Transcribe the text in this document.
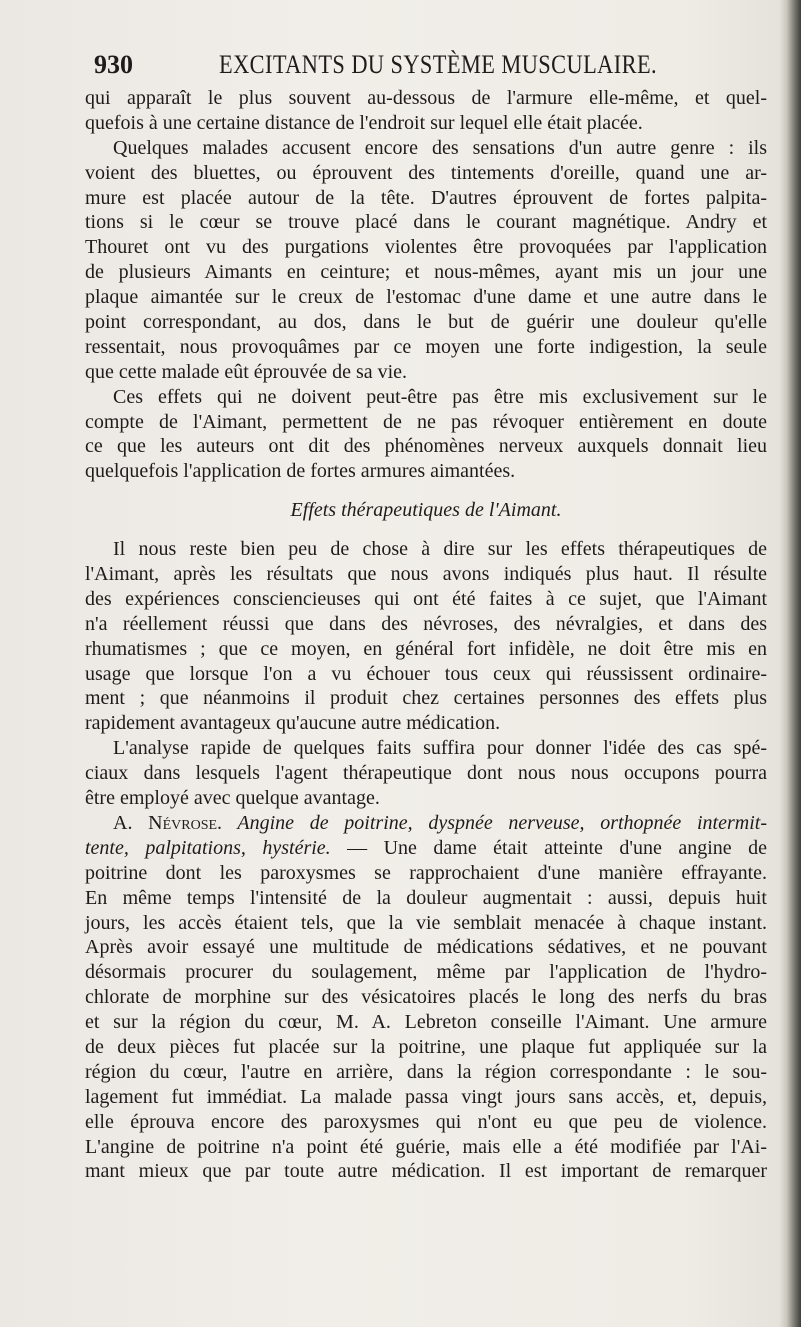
930	EXCITANTS DU SYSTÈME MUSCULAIRE.
qui apparaît le plus souvent au-dessous de l'armure elle-même, et quel-
quefois à une certaine distance de l'endroit sur lequel elle était placée.
Quelques malades accusent encore des sensations d'un autre genre : ils
voient des bluettes, ou éprouvent des tintements d'oreille, quand une ar-
mure est placée autour de la tête. D'autres éprouvent de fortes palpita-
tions si le cœur se trouve placé dans le courant magnétique. Andry et
Thouret ont vu des purgations violentes être provoquées par l'application
de plusieurs Aimants en ceinture; et nous-mêmes, ayant mis un jour une
plaque aimantée sur le creux de l'estomac d'une dame et une autre dans le
point correspondant, au dos, dans le but de guérir une douleur qu'elle
ressentait, nous provoquâmes par ce moyen une forte indigestion, la seule
que cette malade eût éprouvée de sa vie.
Ces effets qui ne doivent peut-être pas être mis exclusivement sur le
compte de l'Aimant, permettent de ne pas révoquer entièrement en doute
ce que les auteurs ont dit des phénomènes nerveux auxquels donnait lieu
quelquefois l'application de fortes armures aimantées.
Effets thérapeutiques de l'Aimant.
Il nous reste bien peu de chose à dire sur les effets thérapeutiques de
l'Aimant, après les résultats que nous avons indiqués plus haut. Il résulte
des expériences consciencieuses qui ont été faites à ce sujet, que l'Aimant
n'a réellement réussi que dans des névroses, des névralgies, et dans des
rhumatismes ; que ce moyen, en général fort infidèle, ne doit être mis en
usage que lorsque l'on a vu échouer tous ceux qui réussissent ordinaire-
ment ; que néanmoins il produit chez certaines personnes des effets plus
rapidement avantageux qu'aucune autre médication.
L'analyse rapide de quelques faits suffira pour donner l'idée des cas spé-
ciaux dans lesquels l'agent thérapeutique dont nous nous occupons pourra
être employé avec quelque avantage.
A. Névrose. Angine de poitrine, dyspnée nerveuse, orthopnée intermit-
tente, palpitations, hystérie. — Une dame était atteinte d'une angine de
poitrine dont les paroxysmes se rapprochaient d'une manière effrayante.
En même temps l'intensité de la douleur augmentait : aussi, depuis huit
jours, les accès étaient tels, que la vie semblait menacée à chaque instant.
Après avoir essayé une multitude de médications sédatives, et ne pouvant
désormais procurer du soulagement, même par l'application de l'hydro-
chlorate de morphine sur des vésicatoires placés le long des nerfs du bras
et sur la région du cœur, M. A. Lebreton conseille l'Aimant. Une armure
de deux pièces fut placée sur la poitrine, une plaque fut appliquée sur la
région du cœur, l'autre en arrière, dans la région correspondante : le sou-
lagement fut immédiat. La malade passa vingt jours sans accès, et, depuis,
elle éprouva encore des paroxysmes qui n'ont eu que peu de violence.
L'angine de poitrine n'a point été guérie, mais elle a été modifiée par l'Ai-
mant mieux que par toute autre médication. Il est important de remarquer
